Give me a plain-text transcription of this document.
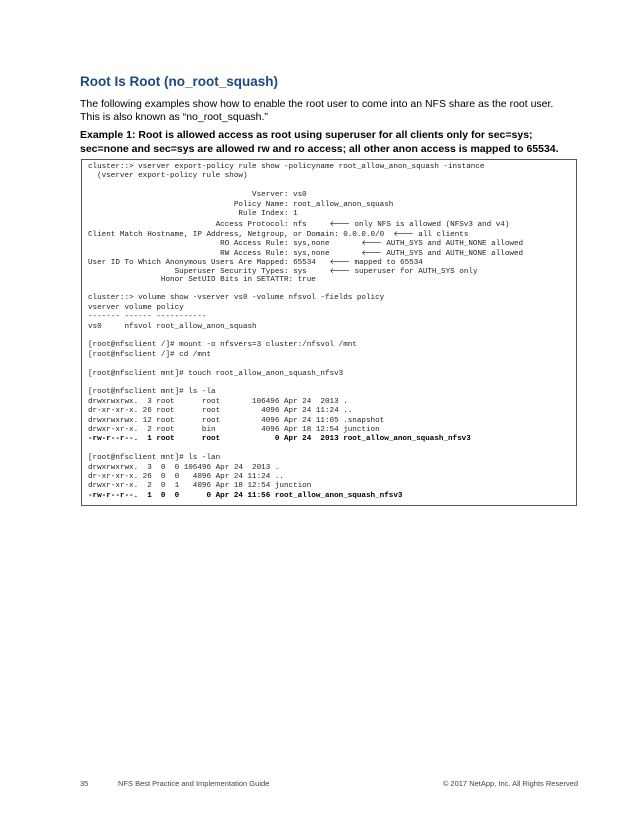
Root Is Root (no_root_squash)
The following examples show how to enable the root user to come into an NFS share as the root user.
This is also known as “no_root_squash.”
Example 1: Root is allowed access as root using superuser for all clients only for sec=sys;
sec=none and sec=sys are allowed rw and ro access; all other anon access is mapped to 65534.
cluster::> vserver export-policy rule show -policyname root_allow_anon_squash -instance
(vserver export-policy rule show)
Vserver: vs0
Policy Name: root_allow_anon_squash
Rule Index: 1
Access Protocol: nfs     🡐 only NFS is allowed (NFSv3 and v4)
Client Match Hostname, IP Address, Netgroup, or Domain: 0.0.0.0/0  🡐 all clients
RO Access Rule: sys,none       🡐 AUTH_SYS and AUTH_NONE allowed
RW Access Rule: sys,none       🡐 AUTH_SYS and AUTH_NONE allowed
User ID To Which Anonymous Users Are Mapped: 65534   🡐 mapped to 65534
Superuser Security Types: sys     🡐 superuser for AUTH_SYS only
Honor SetUID Bits in SETATTR: true
cluster::> volume show -vserver vs0 -volume nfsvol -fields policy
vserver volume policy
------- ------ -----------
vs0     nfsvol root_allow_anon_squash
[root@nfsclient /]# mount -o nfsvers=3 cluster:/nfsvol /mnt
[root@nfsclient /]# cd /mnt
[root@nfsclient mnt]# touch root_allow_anon_squash_nfsv3
[root@nfsclient mnt]# ls -la
drwxrwxrwx.  3 root      root       106496 Apr 24  2013 .
dr-xr-xr-x. 26 root      root         4096 Apr 24 11:24 ..
drwxrwxrwx. 12 root      root         4096 Apr 24 11:05 .snapshot
drwxr-xr-x.  2 root      bin          4096 Apr 18 12:54 junction
-rw-r--r--.  1 root      root            0 Apr 24  2013 root_allow_anon_squash_nfsv3
[root@nfsclient mnt]# ls -lan
drwxrwxrwx.  3  0  0 106496 Apr 24  2013 .
dr-xr-xr-x. 26  0  0   4096 Apr 24 11:24 ..
drwxr-xr-x.  2  0  1   4096 Apr 18 12:54 junction
-rw-r--r--.  1  0  0      0 Apr 24 11:56 root_allow_anon_squash_nfsv3
35	NFS Best Practice and Implementation Guide	© 2017 NetApp, Inc. All Rights Reserved
